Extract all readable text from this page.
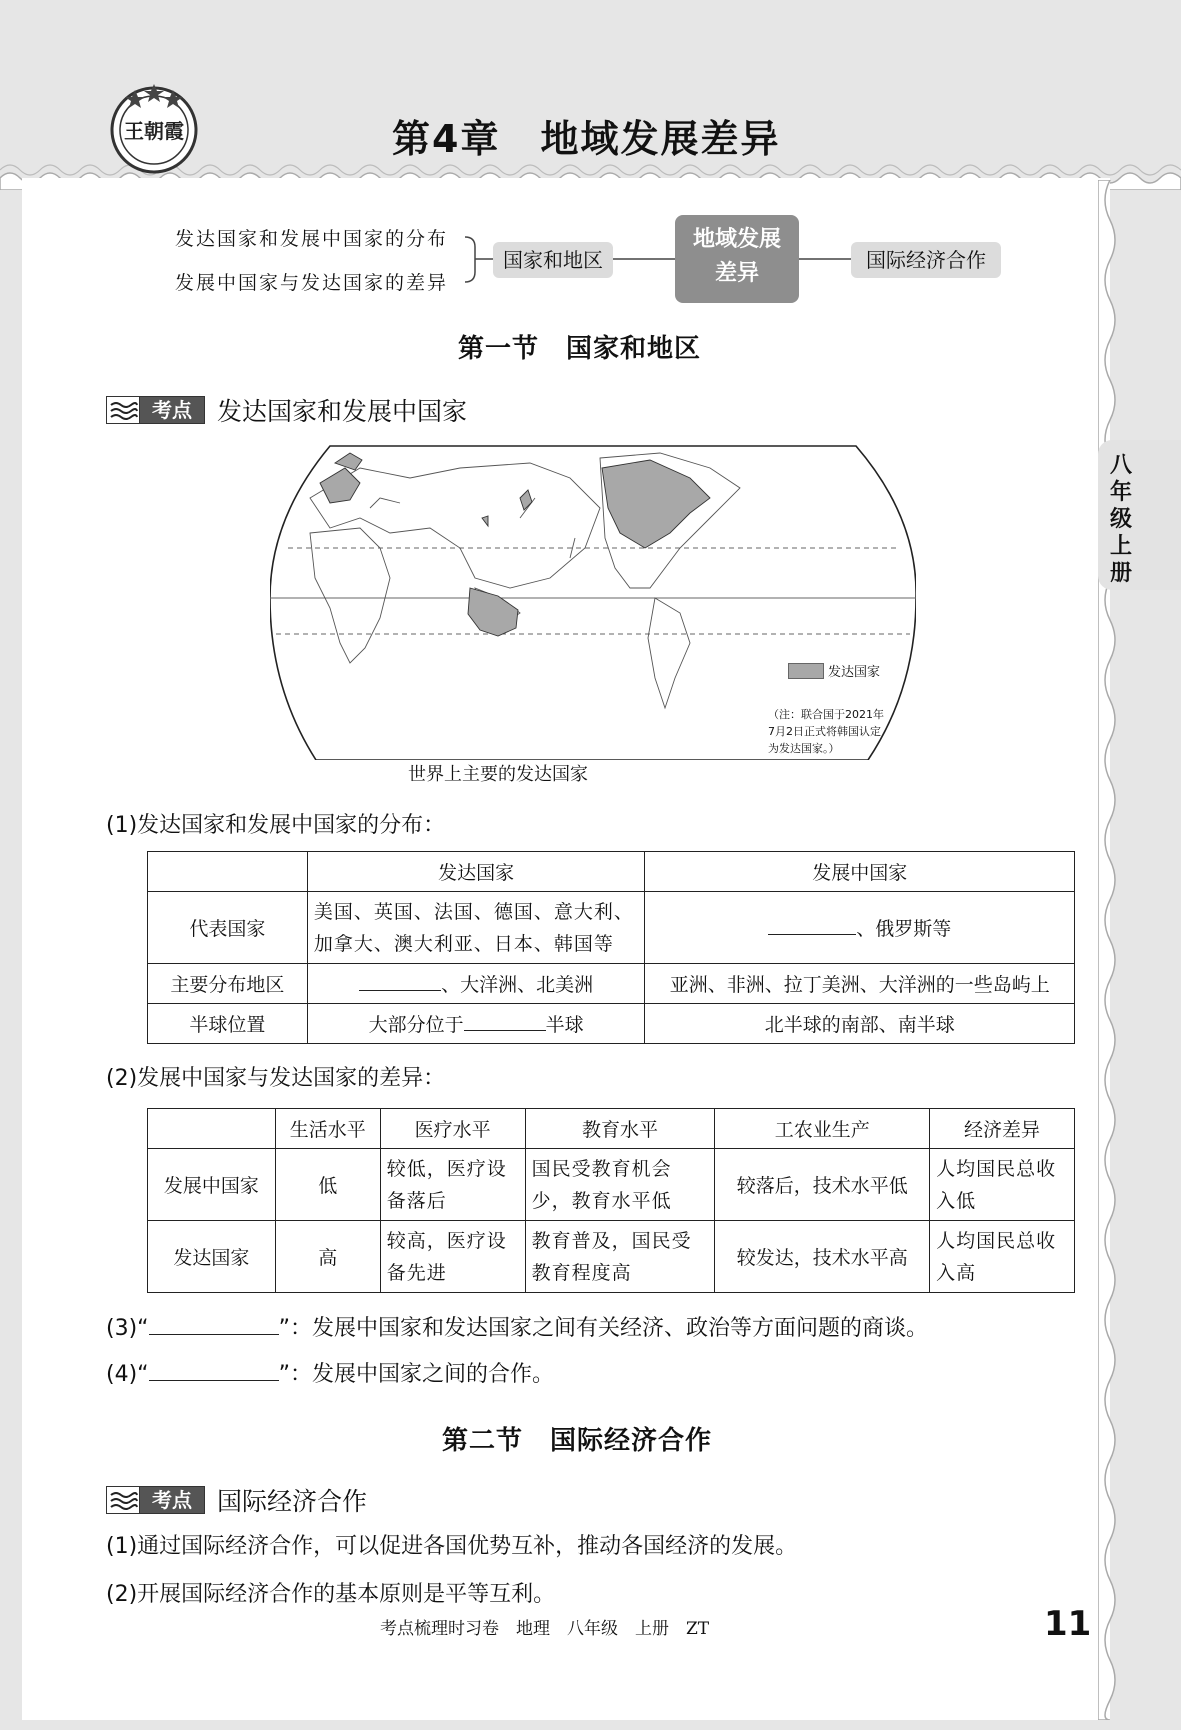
王朝霞	第4章　地域发展差异
发达国家和发展中国家的分布
发展中国家与发达国家的差异
国家和地区
地域发展
差异
国际经济合作
第一节　国家和地区
考点	发达国家和发展中国家
发达国家
（注：联合国于2021年
7月2日正式将韩国认定
为发达国家。）
世界上主要的发达国家
(1)发达国家和发展中国家的分布：
	发达国家	发展中国家
代表国家	美国、英国、法国、德国、意大利、加拿大、澳大利亚、日本、韩国等	、俄罗斯等
主要分布地区	、大洋洲、北美洲	亚洲、非洲、拉丁美洲、大洋洲的一些岛屿上
半球位置	大部分位于 半球	北半球的南部、南半球
(2)发展中国家与发达国家的差异：
	生活水平	医疗水平	教育水平	工农业生产	经济差异
发展中国家	低	较低，医疗设备落后	国民受教育机会少，教育水平低	较落后，技术水平低	人均国民总收入低
发达国家	高	较高，医疗设备先进	教育普及，国民受教育程度高	较发达，技术水平高	人均国民总收入高
(3)“	”：发展中国家和发达国家之间有关经济、政治等方面问题的商谈。
(4)“	”：发展中国家之间的合作。
第二节　国际经济合作
考点	国际经济合作
(1)通过国际经济合作，可以促进各国优势互补，推动各国经济的发展。
(2)开展国际经济合作的基本原则是平等互利。
八年级上册
考点梳理时习卷　地理　八年级　上册　ZT	11
